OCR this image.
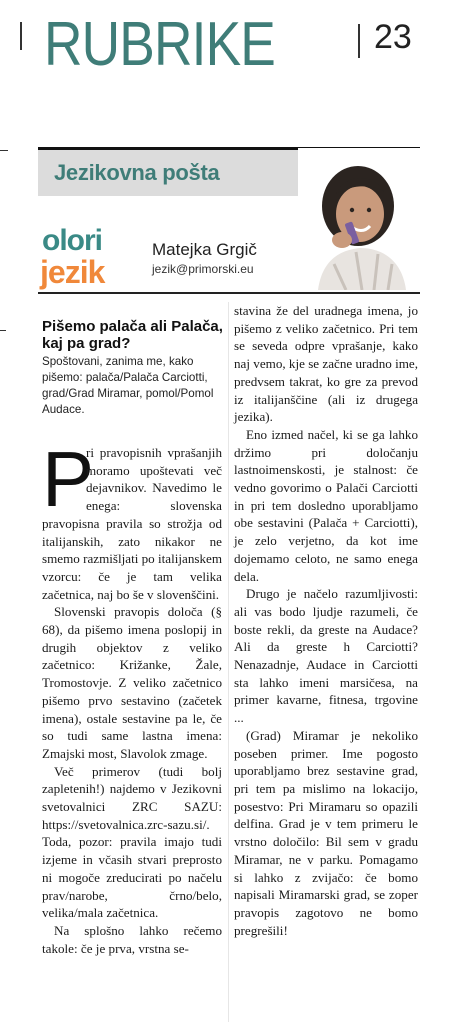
RUBRIKE	23
Jezikovna pošta
olori
jezik
Matejka Grgič
jezik@primorski.eu
Pišemo palača ali Palača, kaj pa grad?
Spoštovani, zanima me, kako pišemo: palača/Palača Carciotti, grad/Grad Miramar, pomol/Pomol Audace.
P

ri pravopisnih vprašanjih moramo upoštevati več dejavnikov. Navedimo le enega: slovenska pravopisna pravila so strožja od italijanskih, zato nikakor ne smemo razmišljati po italijanskem vzorcu: če je tam velika začetnica, naj bo še v slovenščini.

Slovenski pravopis določa (§ 68), da pišemo imena poslopij in drugih objektov z veliko začetnico: Križanke, Žale, Tromostovje. Z veliko začetnico pišemo prvo sestavino (začetek imena), ostale sestavine pa le, če so tudi same lastna imena: Zmajski most, Slavolok zmage.

Več primerov (tudi bolj zapletenih!) najdemo v Jezikovni svetovalnici ZRC SAZU: https://svetovalnica.zrc-sazu.si/. Toda, pozor: pravila imajo tudi izjeme in včasih stvari preprosto ni mogoče zreducirati po načelu prav/narobe, črno/belo, velika/mala začetnica.

Na splošno lahko rečemo takole: če je prva, vrstna se-

stavina že del uradnega imena, jo pišemo z veliko začetnico. Pri tem se seveda odpre vprašanje, kako naj vemo, kje se začne uradno ime, predvsem takrat, ko gre za prevod iz italijanščine (ali iz drugega jezika).

Eno izmed načel, ki se ga lahko držimo pri določanju lastnoimenskosti, je stalnost: če vedno govorimo o Palači Carciotti in pri tem dosledno uporabljamo obe sestavini (Palača + Carciotti), je zelo verjetno, da kot ime dojemamo celoto, ne samo enega dela.

Drugo je načelo razumljivosti: ali vas bodo ljudje razumeli, če boste rekli, da greste na Audace? Ali da greste h Carciotti? Nenazadnje, Audace in Carciotti sta lahko imeni marsičesa, na primer kavarne, fitnesa, trgovine ...

(Grad) Miramar je nekoliko poseben primer. Ime pogosto uporabljamo brez sestavine grad, pri tem pa mislimo na lokacijo, posestvo: Pri Miramaru so opazili delfina. Grad je v tem primeru le vrstno določilo: Bil sem v gradu Miramar, ne v parku. Pomagamo si lahko z zvijačo: če bomo napisali Miramarski grad, se zoper pravopis zagotovo ne bomo pregrešili!
